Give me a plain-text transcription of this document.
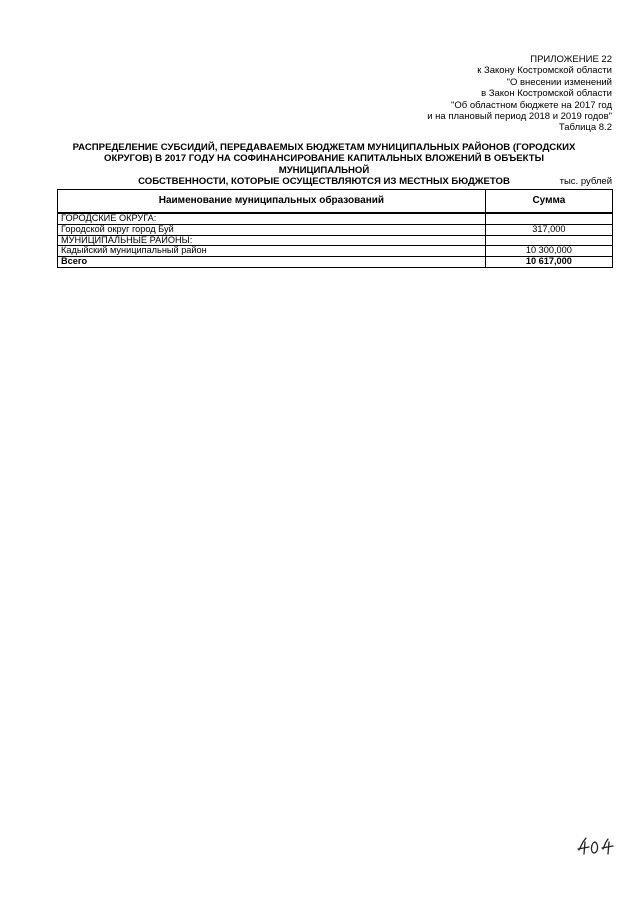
ПРИЛОЖЕНИЕ 22
к Закону Костромской области
"О внесении изменений
в Закон Костромской области
"Об областном бюджете на 2017 год
и на плановый период 2018 и 2019 годов"
Таблица 8.2
РАСПРЕДЕЛЕНИЕ СУБСИДИЙ, ПЕРЕДАВАЕМЫХ БЮДЖЕТАМ МУНИЦИПАЛЬНЫХ РАЙОНОВ (ГОРОДСКИХ
ОКРУГОВ) В 2017 ГОДУ НА СОФИНАНСИРОВАНИЕ КАПИТАЛЬНЫХ ВЛОЖЕНИЙ В ОБЪЕКТЫ МУНИЦИПАЛЬНОЙ
СОБСТВЕННОСТИ, КОТОРЫЕ ОСУЩЕСТВЛЯЮТСЯ ИЗ МЕСТНЫХ БЮДЖЕТОВ	тыс. рублей
Наименование муниципальных образований	Сумма
ГОРОДСКИЕ ОКРУГА:	
Городской округ город Буй	317,000
МУНИЦИПАЛЬНЫЕ РАЙОНЫ:	
Кадыйский муниципальный район	10 300,000
Всего	10 617,000
